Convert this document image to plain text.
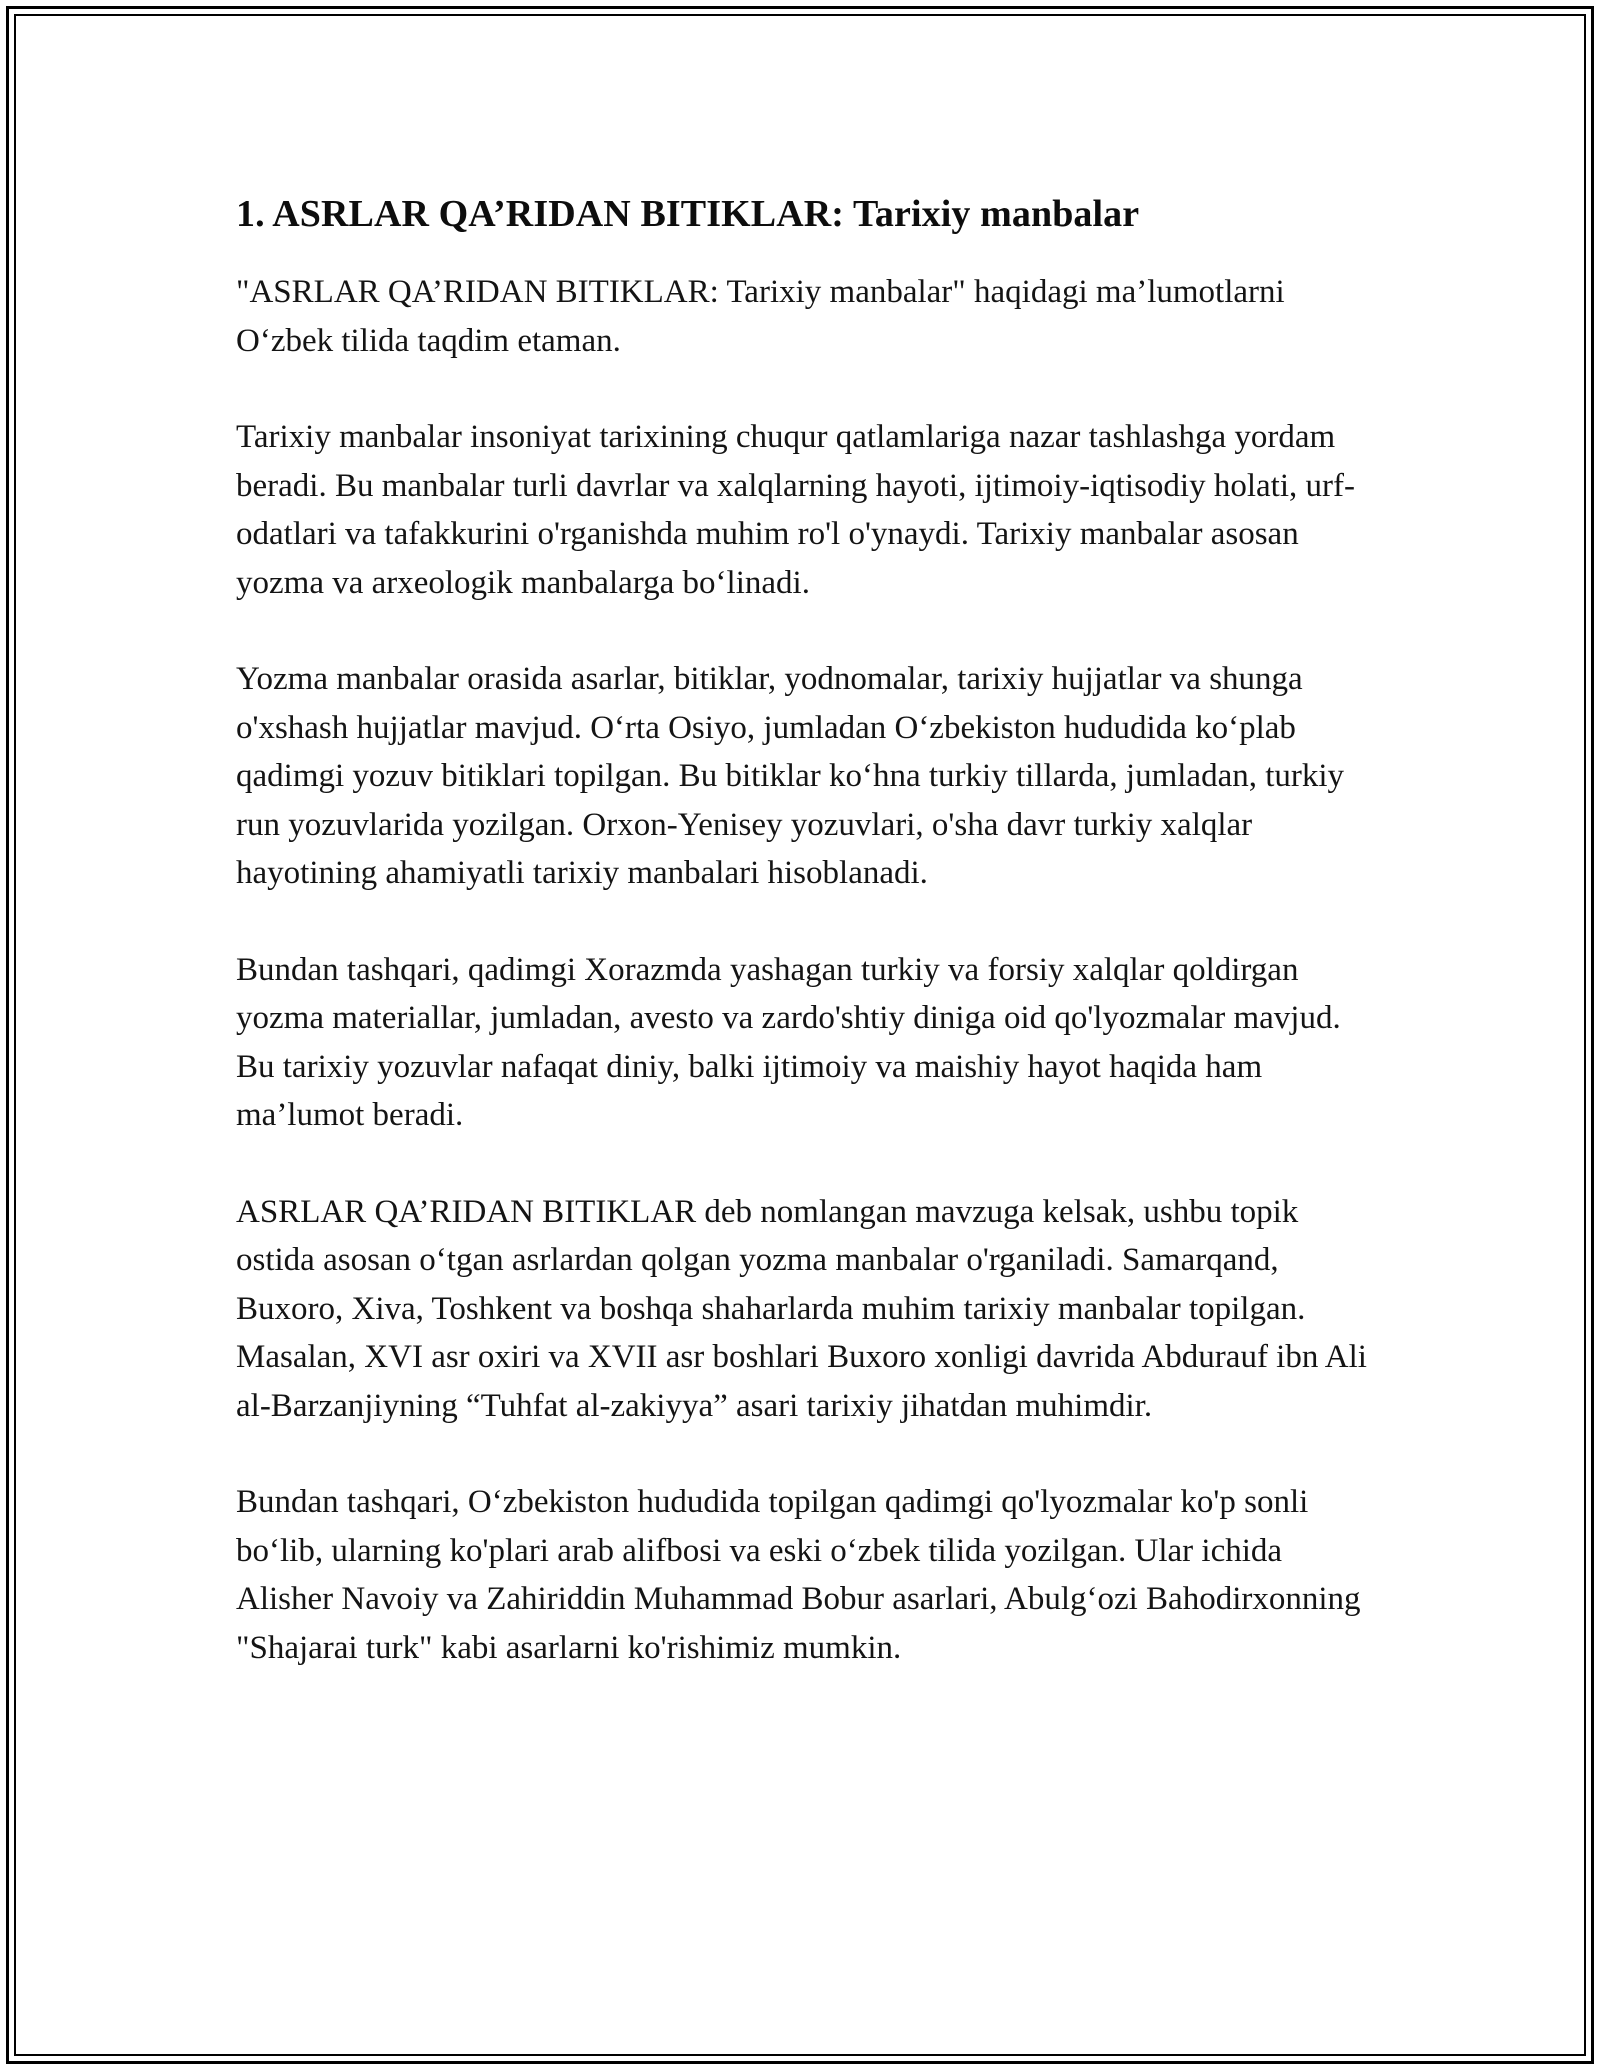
1. ASRLAR QA’RIDAN BITIKLAR: Tarixiy manbalar

"ASRLAR QA’RIDAN BITIKLAR: Tarixiy manbalar" haqidagi ma’lumotlarni O‘zbek tilida taqdim etaman.

Tarixiy manbalar insoniyat tarixining chuqur qatlamlariga nazar tashlashga yordam beradi. Bu manbalar turli davrlar va xalqlarning hayoti, ijtimoiy-iqtisodiy holati, urf-odatlari va tafakkurini o'rganishda muhim ro'l o'ynaydi. Tarixiy manbalar asosan yozma va arxeologik manbalarga bo‘linadi.

Yozma manbalar orasida asarlar, bitiklar, yodnomalar, tarixiy hujjatlar va shunga o'xshash hujjatlar mavjud. O‘rta Osiyo, jumladan O‘zbekiston hududida ko‘plab qadimgi yozuv bitiklari topilgan. Bu bitiklar ko‘hna turkiy tillarda, jumladan, turkiy run yozuvlarida yozilgan. Orxon-Yenisey yozuvlari, o'sha davr turkiy xalqlar hayotining ahamiyatli tarixiy manbalari hisoblanadi.

Bundan tashqari, qadimgi Xorazmda yashagan turkiy va forsiy xalqlar qoldirgan yozma materiallar, jumladan, avesto va zardo'shtiy diniga oid qo'lyozmalar mavjud. Bu tarixiy yozuvlar nafaqat diniy, balki ijtimoiy va maishiy hayot haqida ham ma’lumot beradi.

ASRLAR QA’RIDAN BITIKLAR deb nomlangan mavzuga kelsak, ushbu topik ostida asosan o‘tgan asrlardan qolgan yozma manbalar o'rganiladi. Samarqand, Buxoro, Xiva, Toshkent va boshqa shaharlarda muhim tarixiy manbalar topilgan. Masalan, XVI asr oxiri va XVII asr boshlari Buxoro xonligi davrida Abdurauf ibn Ali al-Barzanjiyning “Tuhfat al-zakiyya” asari tarixiy jihatdan muhimdir.

Bundan tashqari, O‘zbekiston hududida topilgan qadimgi qo'lyozmalar ko'p sonli bo‘lib, ularning ko'plari arab alifbosi va eski o‘zbek tilida yozilgan. Ular ichida Alisher Navoiy va Zahiriddin Muhammad Bobur asarlari, Abulg‘ozi Bahodirxonning "Shajarai turk" kabi asarlarni ko'rishimiz mumkin.
